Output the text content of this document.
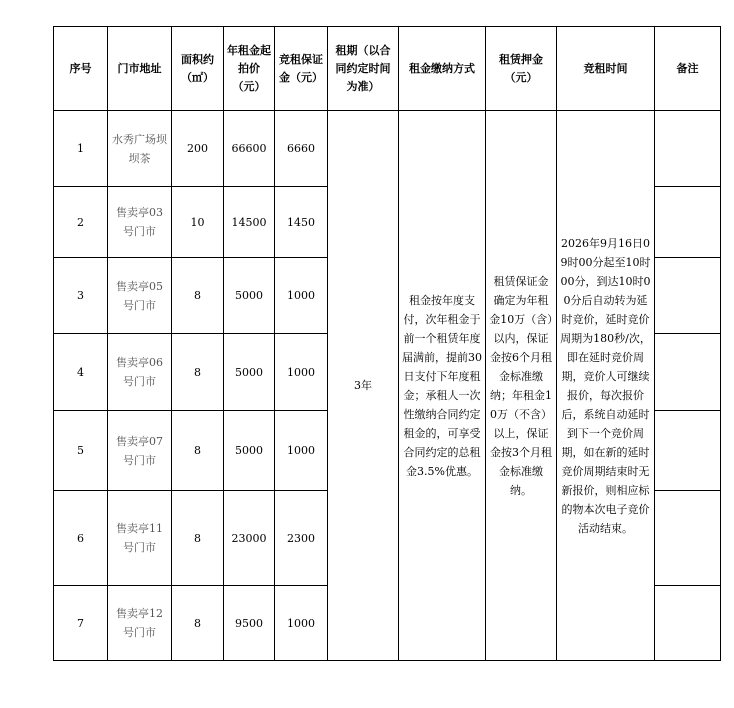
序号	门市地址	面积约（㎡）	年租金起拍价（元）	竞租保证金（元）	租期（以合同约定时间为准）	租金缴纳方式	租赁押金（元）	竞租时间	备注
1	水秀广场坝坝茶	200	66600	6660	3年	租金按年度支付，次年租金于前一个租赁年度届满前，提前30日支付下年度租金；承租人一次性缴纳合同约定租金的，可享受合同约定的总租金3.5%优惠。	租赁保证金确定为年租金10万（含）以内，保证金按6个月租金标准缴纳；年租金10万（不含）以上，保证金按3个月租金标准缴纳。	2026年9月16日09时00分起至10时00分，到达10时00分后自动转为延时竞价，延时竞价周期为180秒/次，即在延时竞价周期，竞价人可继续报价，每次报价后，系统自动延时到下一个竞价周期，如在新的延时竞价周期结束时无新报价，则相应标的物本次电子竞价活动结束。	
2	售卖亭03号门市	10	14500	1450					
3	售卖亭05号门市	8	5000	1000					
4	售卖亭06号门市	8	5000	1000					
5	售卖亭07号门市	8	5000	1000					
6	售卖亭11号门市	8	23000	2300					
7	售卖亭12号门市	8	9500	1000					
